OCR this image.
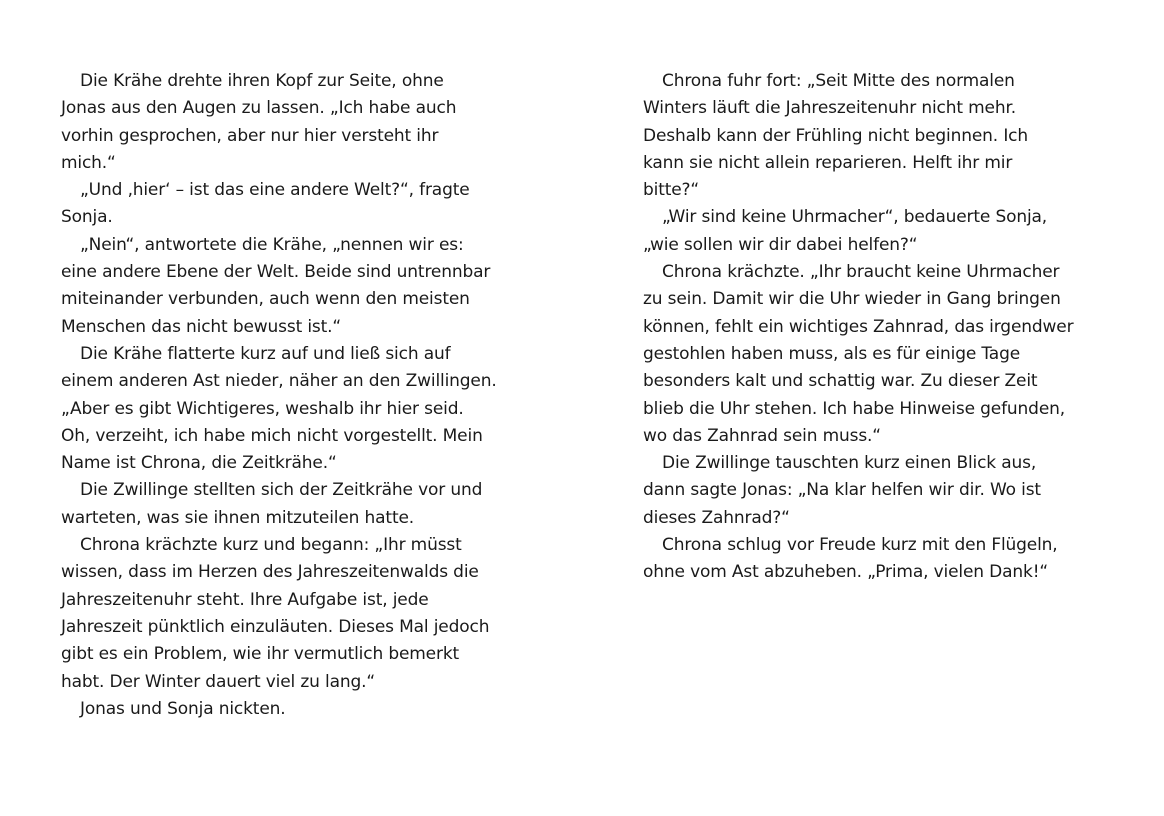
Die Krähe drehte ihren Kopf zur Seite, ohne
Jonas aus den Augen zu lassen. „Ich habe auch
vorhin gesprochen, aber nur hier versteht ihr
mich.“
„Und ‚hier‘ – ist das eine andere Welt?“, fragte
Sonja.
„Nein“, antwortete die Krähe, „nennen wir es:
eine andere Ebene der Welt. Beide sind untrennbar
miteinander verbunden, auch wenn den meisten
Menschen das nicht bewusst ist.“
Die Krähe flatterte kurz auf und ließ sich auf
einem anderen Ast nieder, näher an den Zwillingen.
„Aber es gibt Wichtigeres, weshalb ihr hier seid.
Oh, verzeiht, ich habe mich nicht vorgestellt. Mein
Name ist Chrona, die Zeitkrähe.“
Die Zwillinge stellten sich der Zeitkrähe vor und
warteten, was sie ihnen mitzuteilen hatte.
Chrona krächzte kurz und begann: „Ihr müsst
wissen, dass im Herzen des Jahreszeitenwalds die
Jahreszeitenuhr steht. Ihre Aufgabe ist, jede
Jahreszeit pünktlich einzuläuten. Dieses Mal jedoch
gibt es ein Problem, wie ihr vermutlich bemerkt
habt. Der Winter dauert viel zu lang.“
Jonas und Sonja nickten.
Chrona fuhr fort: „Seit Mitte des normalen
Winters läuft die Jahreszeitenuhr nicht mehr.
Deshalb kann der Frühling nicht beginnen. Ich
kann sie nicht allein reparieren. Helft ihr mir
bitte?“
„Wir sind keine Uhrmacher“, bedauerte Sonja,
„wie sollen wir dir dabei helfen?“
Chrona krächzte. „Ihr braucht keine Uhrmacher
zu sein. Damit wir die Uhr wieder in Gang bringen
können, fehlt ein wichtiges Zahnrad, das irgendwer
gestohlen haben muss, als es für einige Tage
besonders kalt und schattig war. Zu dieser Zeit
blieb die Uhr stehen. Ich habe Hinweise gefunden,
wo das Zahnrad sein muss.“
Die Zwillinge tauschten kurz einen Blick aus,
dann sagte Jonas: „Na klar helfen wir dir. Wo ist
dieses Zahnrad?“
Chrona schlug vor Freude kurz mit den Flügeln,
ohne vom Ast abzuheben. „Prima, vielen Dank!“
